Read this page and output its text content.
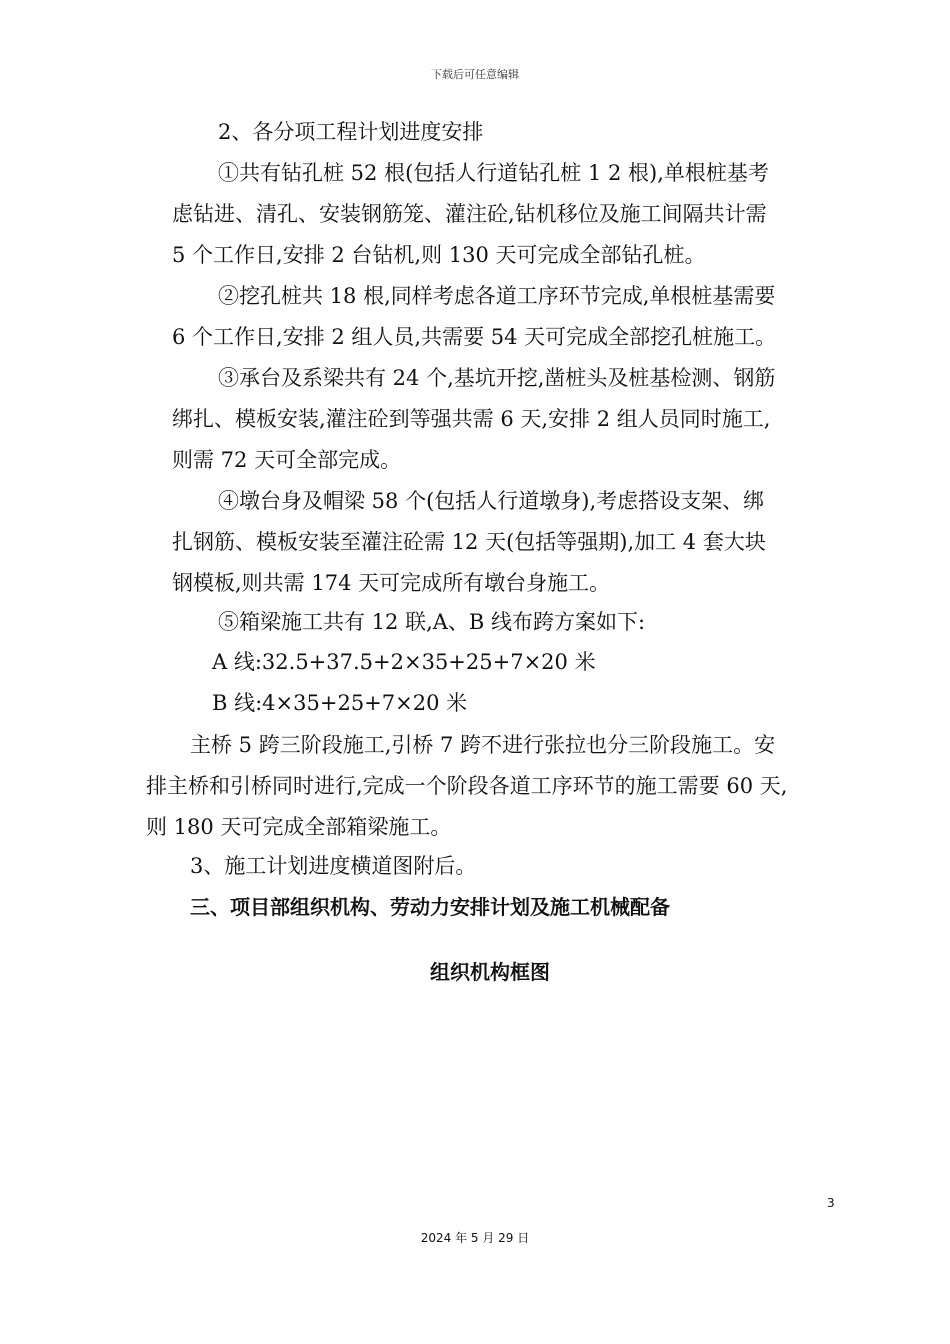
下载后可任意编辑
2、各分项工程计划进度安排
①共有钻孔桩 52 根(包括人行道钻孔桩 1 2 根),单根桩基考
虑钻进、清孔、安装钢筋笼、灌注砼,钻机移位及施工间隔共计需
5 个工作日,安排 2 台钻机,则 130 天可完成全部钻孔桩。
②挖孔桩共 18 根,同样考虑各道工序环节完成,单根桩基需要
6 个工作日,安排 2 组人员,共需要 54 天可完成全部挖孔桩施工。
③承台及系梁共有 24 个,基坑开挖,凿桩头及桩基检测、钢筋
绑扎、模板安装,灌注砼到等强共需 6 天,安排 2 组人员同时施工,
则需 72 天可全部完成。
④墩台身及帽梁 58 个(包括人行道墩身),考虑搭设支架、绑
扎钢筋、模板安装至灌注砼需 12 天(包括等强期),加工 4 套大块
钢模板,则共需 174 天可完成所有墩台身施工。
⑤箱梁施工共有 12 联,A、B 线布跨方案如下:
A 线:32.5+37.5+2×35+25+7×20 米
B 线:4×35+25+7×20 米
主桥 5 跨三阶段施工,引桥 7 跨不进行张拉也分三阶段施工。安
排主桥和引桥同时进行,完成一个阶段各道工序环节的施工需要 60 天,
则 180 天可完成全部箱梁施工。
3、施工计划进度横道图附后。
三、项目部组织机构、劳动力安排计划及施工机械配备
组织机构框图
3
2024 年 5 月 29 日
